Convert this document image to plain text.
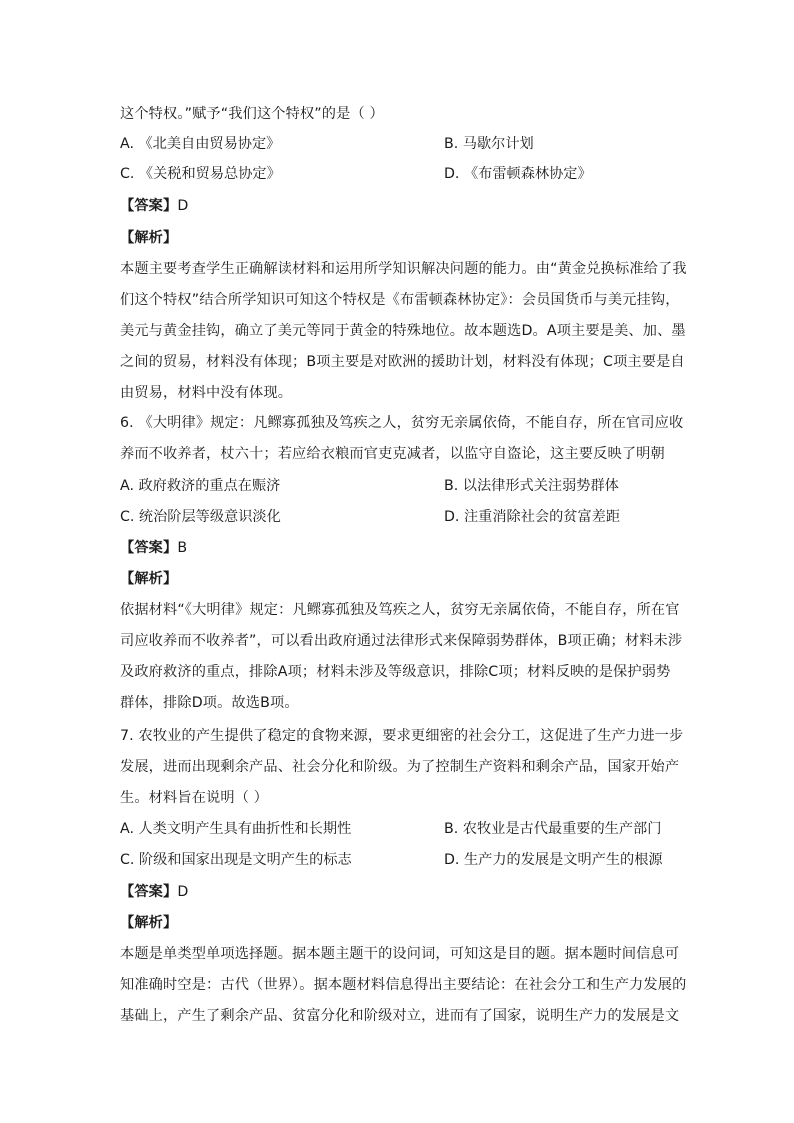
这个特权。”赋予“我们这个特权”的是（ ）
A. 《北美自由贸易协定》	B. 马歇尔计划
C. 《关税和贸易总协定》	D. 《布雷顿森林协定》
【答案】D
【解析】
本题主要考查学生正确解读材料和运用所学知识解决问题的能力。由“黄金兑换标准给了我
们这个特权”结合所学知识可知这个特权是《布雷顿森林协定》：会员国货币与美元挂钩，
美元与黄金挂钩，确立了美元等同于黄金的特殊地位。故本题选D。A项主要是美、加、墨
之间的贸易，材料没有体现；B项主要是对欧洲的援助计划，材料没有体现；C项主要是自
由贸易，材料中没有体现。
6. 《大明律》规定：凡鳏寡孤独及笃疾之人，贫穷无亲属依倚，不能自存，所在官司应收
养而不收养者，杖六十；若应给衣粮而官吏克减者，以监守自盗论，这主要反映了明朝
A. 政府救济的重点在赈济	B. 以法律形式关注弱势群体
C. 统治阶层等级意识淡化	D. 注重消除社会的贫富差距
【答案】B
【解析】
依据材料“《大明律》规定：凡鳏寡孤独及笃疾之人，贫穷无亲属依倚，不能自存，所在官
司应收养而不收养者”，可以看出政府通过法律形式来保障弱势群体，B项正确；材料未涉
及政府救济的重点，排除A项；材料未涉及等级意识，排除C项；材料反映的是保护弱势
群体，排除D项。故选B项。
7. 农牧业的产生提供了稳定的食物来源，要求更细密的社会分工，这促进了生产力进一步
发展，进而出现剩余产品、社会分化和阶级。为了控制生产资料和剩余产品，国家开始产
生。材料旨在说明（ ）
A. 人类文明产生具有曲折性和长期性	B. 农牧业是古代最重要的生产部门
C. 阶级和国家出现是文明产生的标志	D. 生产力的发展是文明产生的根源
【答案】D
【解析】
本题是单类型单项选择题。据本题主题干的设问词，可知这是目的题。据本题时间信息可
知准确时空是：古代（世界）。据本题材料信息得出主要结论：在社会分工和生产力发展的
基础上，产生了剩余产品、贫富分化和阶级对立，进而有了国家，说明生产力的发展是文
